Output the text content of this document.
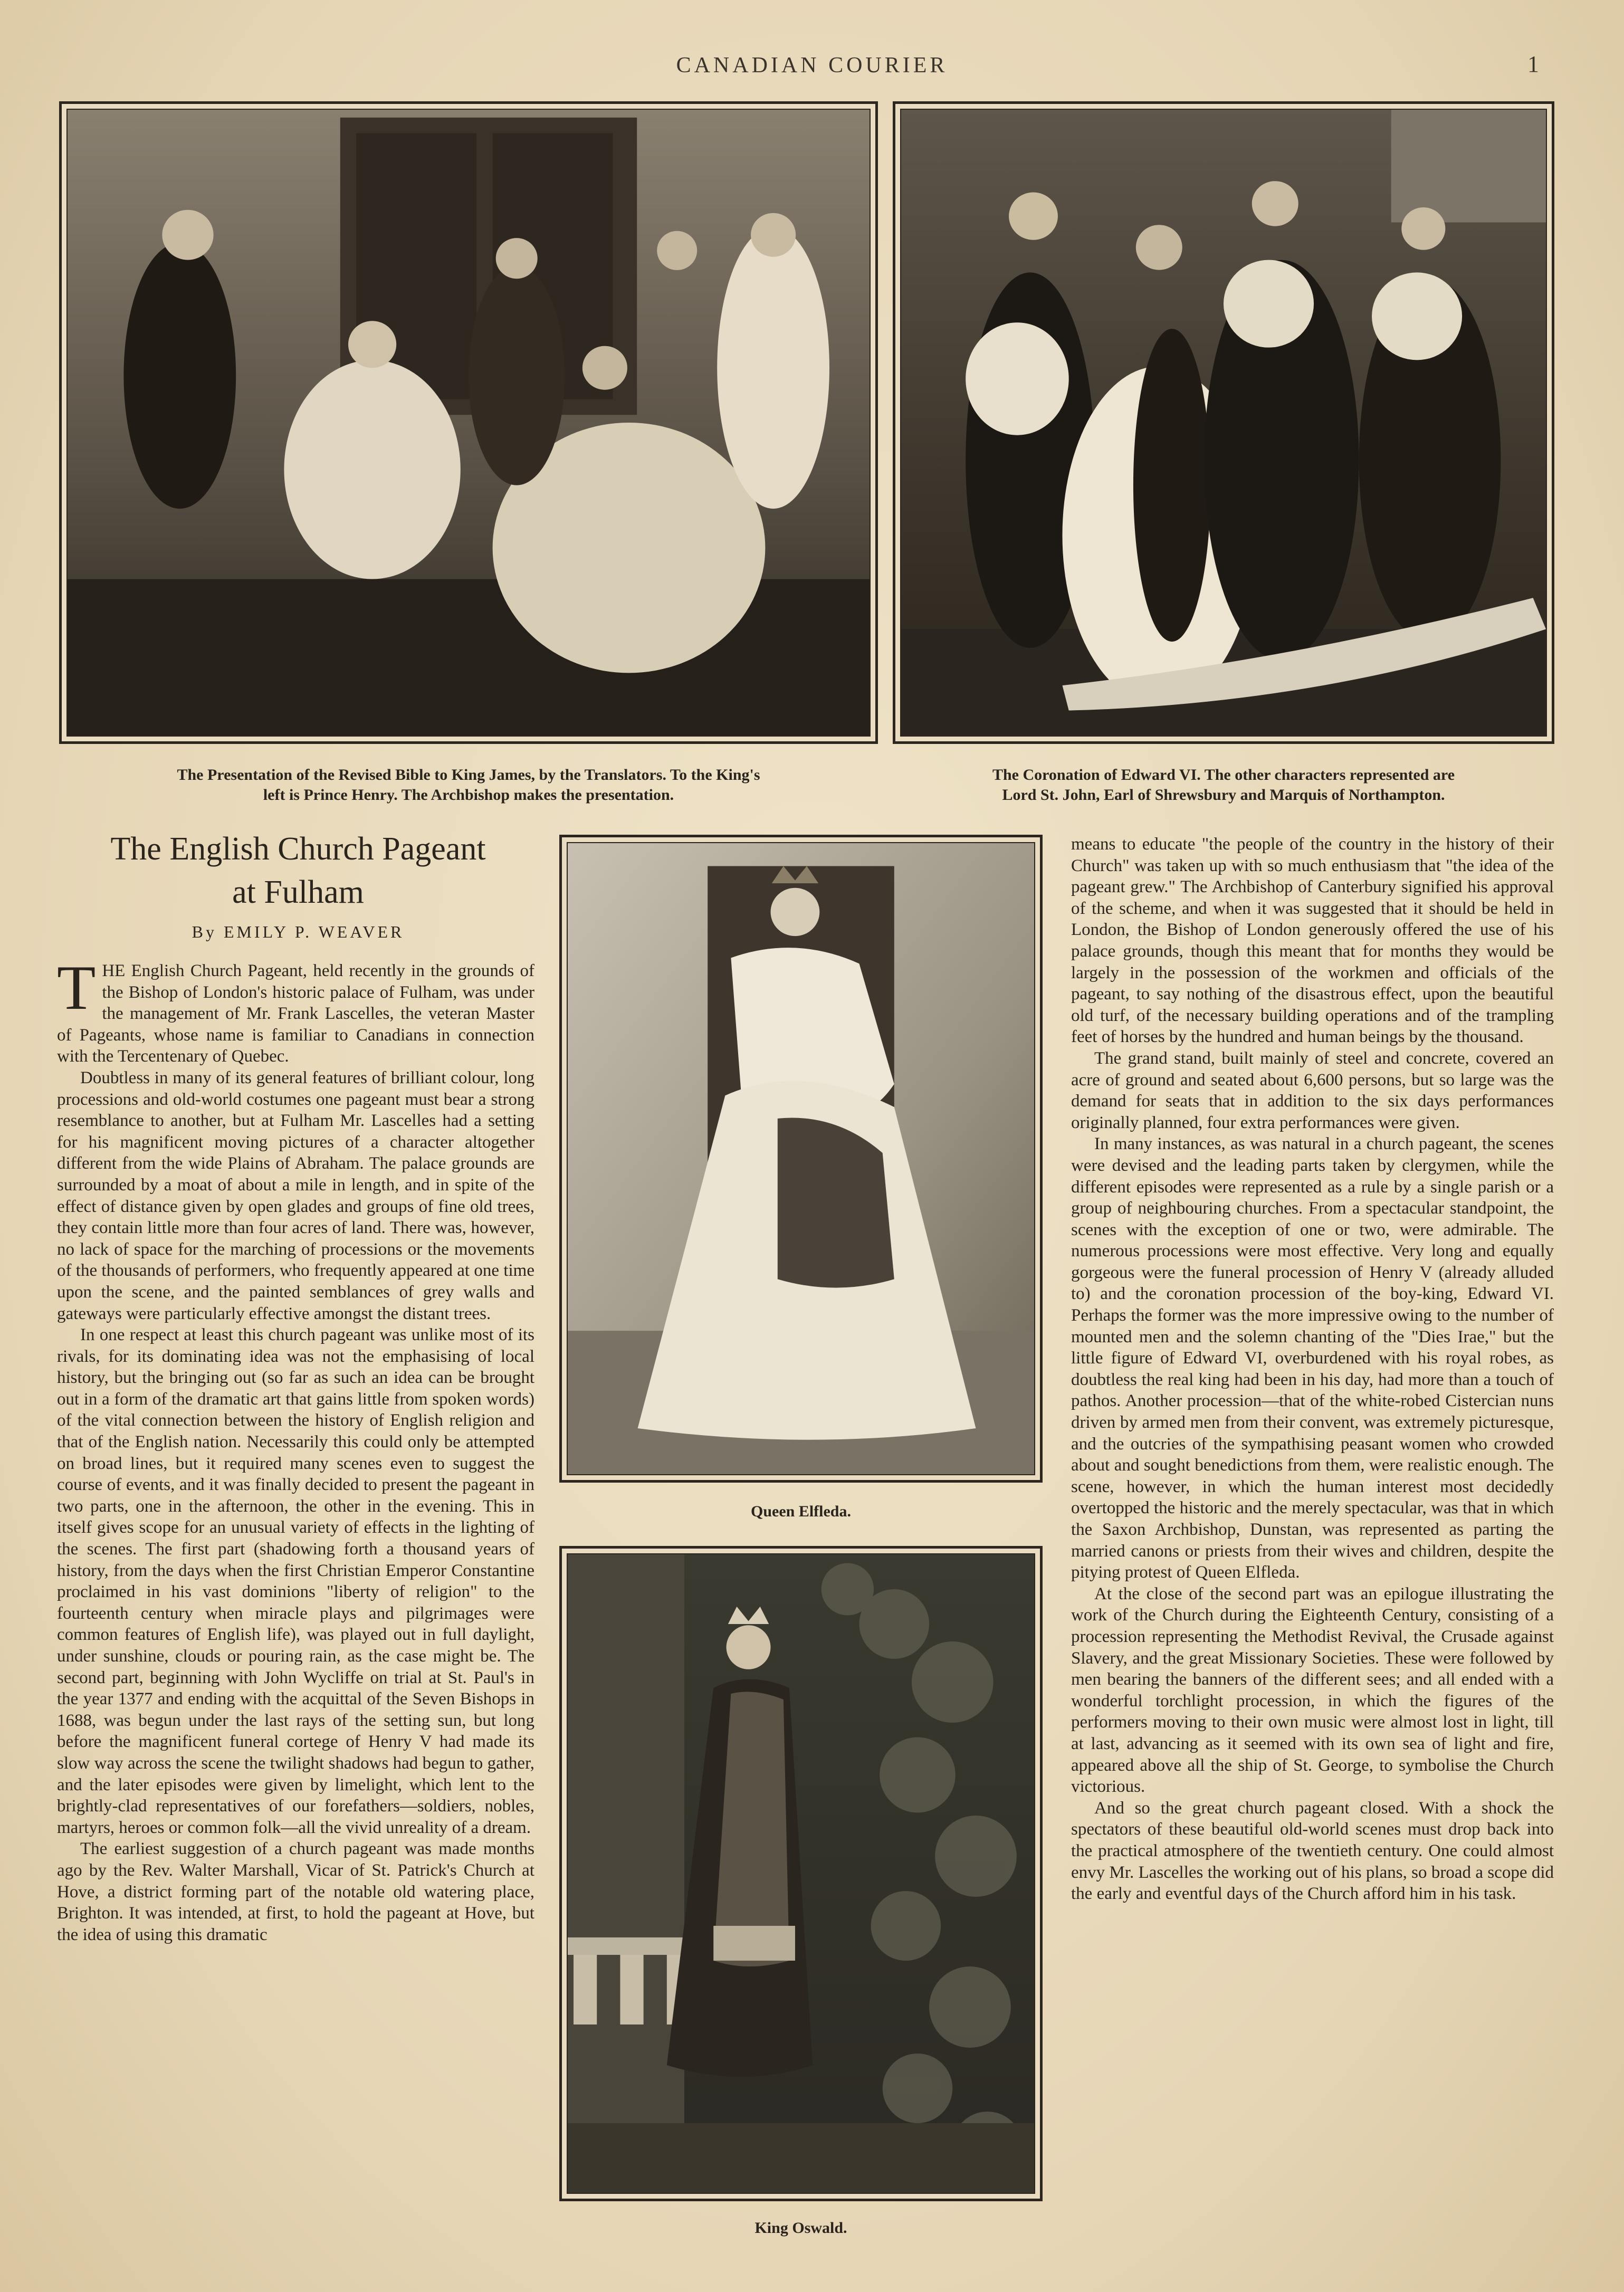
CANADIAN COURIER	1
The Presentation of the Revised Bible to King James, by the Translators. To the King's
left is Prince Henry. The Archbishop makes the presentation.
The Coronation of Edward VI. The other characters represented are
Lord St. John, Earl of Shrewsbury and Marquis of Northampton.
The English Church Pageant
at Fulham
By EMILY P. WEAVER

THE English Church Pageant, held recently in the grounds of the Bishop of London's historic palace of Fulham, was under the management of Mr. Frank Lascelles, the veteran Master of Pageants, whose name is familiar to Canadians in connection with the Tercentenary of Quebec.

Doubtless in many of its general features of brilliant colour, long processions and old-world costumes one pageant must bear a strong resemblance to another, but at Fulham Mr. Lascelles had a setting for his magnificent moving pictures of a character altogether different from the wide Plains of Abraham. The palace grounds are surrounded by a moat of about a mile in length, and in spite of the effect of distance given by open glades and groups of fine old trees, they contain little more than four acres of land. There was, however, no lack of space for the marching of processions or the movements of the thousands of performers, who frequently appeared at one time upon the scene, and the painted semblances of grey walls and gateways were particularly effective amongst the distant trees.

In one respect at least this church pageant was unlike most of its rivals, for its dominating idea was not the emphasising of local history, but the bringing out (so far as such an idea can be brought out in a form of the dramatic art that gains little from spoken words) of the vital connection between the history of English religion and that of the English nation. Necessarily this could only be attempted on broad lines, but it required many scenes even to suggest the course of events, and it was finally decided to present the pageant in two parts, one in the afternoon, the other in the evening. This in itself gives scope for an unusual variety of effects in the lighting of the scenes. The first part (shadowing forth a thousand years of history, from the days when the first Christian Emperor Constantine proclaimed in his vast dominions "liberty of religion" to the fourteenth century when miracle plays and pilgrimages were common features of English life), was played out in full daylight, under sunshine, clouds or pouring rain, as the case might be. The second part, beginning with John Wycliffe on trial at St. Paul's in the year 1377 and ending with the acquittal of the Seven Bishops in 1688, was begun under the last rays of the setting sun, but long before the magnificent funeral cortege of Henry V had made its slow way across the scene the twilight shadows had begun to gather, and the later episodes were given by limelight, which lent to the brightly-clad representatives of our forefathers—soldiers, nobles, martyrs, heroes or common folk—all the vivid unreality of a dream.

The earliest suggestion of a church pageant was made months ago by the Rev. Walter Marshall, Vicar of St. Patrick's Church at Hove, a district forming part of the notable old watering place, Brighton. It was intended, at first, to hold the pageant at Hove, but the idea of using this dramatic

Queen Elfleda.
King Oswald.

means to educate "the people of the country in the history of their Church" was taken up with so much enthusiasm that "the idea of the pageant grew." The Archbishop of Canterbury signified his approval of the scheme, and when it was suggested that it should be held in London, the Bishop of London generously offered the use of his palace grounds, though this meant that for months they would be largely in the possession of the workmen and officials of the pageant, to say nothing of the disastrous effect, upon the beautiful old turf, of the necessary building operations and of the trampling feet of horses by the hundred and human beings by the thousand.

The grand stand, built mainly of steel and concrete, covered an acre of ground and seated about 6,600 persons, but so large was the demand for seats that in addition to the six days performances originally planned, four extra performances were given.

In many instances, as was natural in a church pageant, the scenes were devised and the leading parts taken by clergymen, while the different episodes were represented as a rule by a single parish or a group of neighbouring churches. From a spectacular standpoint, the scenes with the exception of one or two, were admirable. The numerous processions were most effective. Very long and equally gorgeous were the funeral procession of Henry V (already alluded to) and the coronation procession of the boy-king, Edward VI. Perhaps the former was the more impressive owing to the number of mounted men and the solemn chanting of the "Dies Irae," but the little figure of Edward VI, overburdened with his royal robes, as doubtless the real king had been in his day, had more than a touch of pathos. Another procession—that of the white-robed Cistercian nuns driven by armed men from their convent, was extremely picturesque, and the outcries of the sympathising peasant women who crowded about and sought benedictions from them, were realistic enough. The scene, however, in which the human interest most decidedly overtopped the historic and the merely spectacular, was that in which the Saxon Archbishop, Dunstan, was represented as parting the married canons or priests from their wives and children, despite the pitying protest of Queen Elfleda.

At the close of the second part was an epilogue illustrating the work of the Church during the Eighteenth Century, consisting of a procession representing the Methodist Revival, the Crusade against Slavery, and the great Missionary Societies. These were followed by men bearing the banners of the different sees; and all ended with a wonderful torchlight procession, in which the figures of the performers moving to their own music were almost lost in light, till at last, advancing as it seemed with its own sea of light and fire, appeared above all the ship of St. George, to symbolise the Church victorious.

And so the great church pageant closed. With a shock the spectators of these beautiful old-world scenes must drop back into the practical atmosphere of the twentieth century. One could almost envy Mr. Lascelles the working out of his plans, so broad a scope did the early and eventful days of the Church afford him in his task.
